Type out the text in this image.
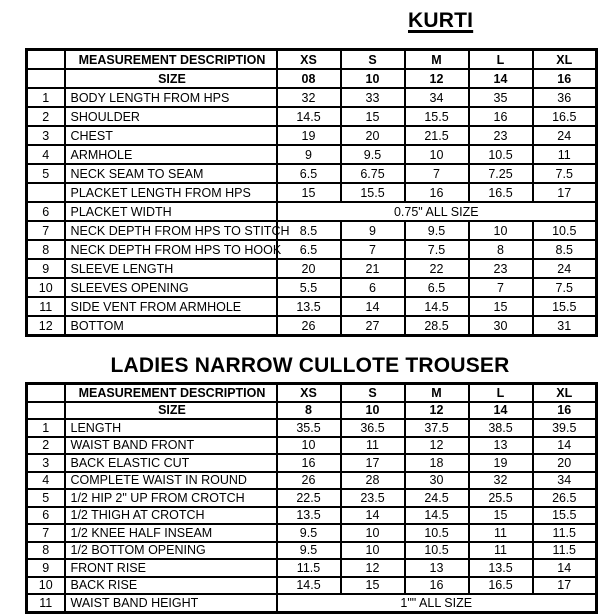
KURTI
	MEASUREMENT DESCRIPTION	XS	S	M	L	XL
	SIZE	08	10	12	14	16
1	BODY LENGTH FROM HPS	32	33	34	35	36
2	SHOULDER	14.5	15	15.5	16	16.5
3	CHEST	19	20	21.5	23	24
4	ARMHOLE	9	9.5	10	10.5	11
5	NECK SEAM TO SEAM	6.5	6.75	7	7.25	7.5
	PLACKET LENGTH FROM HPS	15	15.5	16	16.5	17
6	PLACKET WIDTH	0.75" ALL SIZE				
7	NECK DEPTH FROM HPS TO STITCH	8.5	9	9.5	10	10.5
8	NECK DEPTH FROM HPS TO HOOK	6.5	7	7.5	8	8.5
9	SLEEVE LENGTH	20	21	22	23	24
10	SLEEVES OPENING	5.5	6	6.5	7	7.5
11	SIDE VENT FROM ARMHOLE	13.5	14	14.5	15	15.5
12	BOTTOM	26	27	28.5	30	31
LADIES NARROW CULLOTE TROUSER
	MEASUREMENT DESCRIPTION	XS	S	M	L	XL
	SIZE	8	10	12	14	16
1	LENGTH	35.5	36.5	37.5	38.5	39.5
2	WAIST BAND FRONT	10	11	12	13	14
3	BACK ELASTIC CUT	16	17	18	19	20
4	COMPLETE WAIST IN ROUND	26	28	30	32	34
5	1/2 HIP 2" UP FROM CROTCH	22.5	23.5	24.5	25.5	26.5
6	1/2 THIGH AT CROTCH	13.5	14	14.5	15	15.5
7	1/2 KNEE HALF INSEAM	9.5	10	10.5	11	11.5
8	1/2 BOTTOM OPENING	9.5	10	10.5	11	11.5
9	FRONT RISE	11.5	12	13	13.5	14
10	BACK RISE	14.5	15	16	16.5	17
11	WAIST BAND HEIGHT	1"" ALL SIZE				
